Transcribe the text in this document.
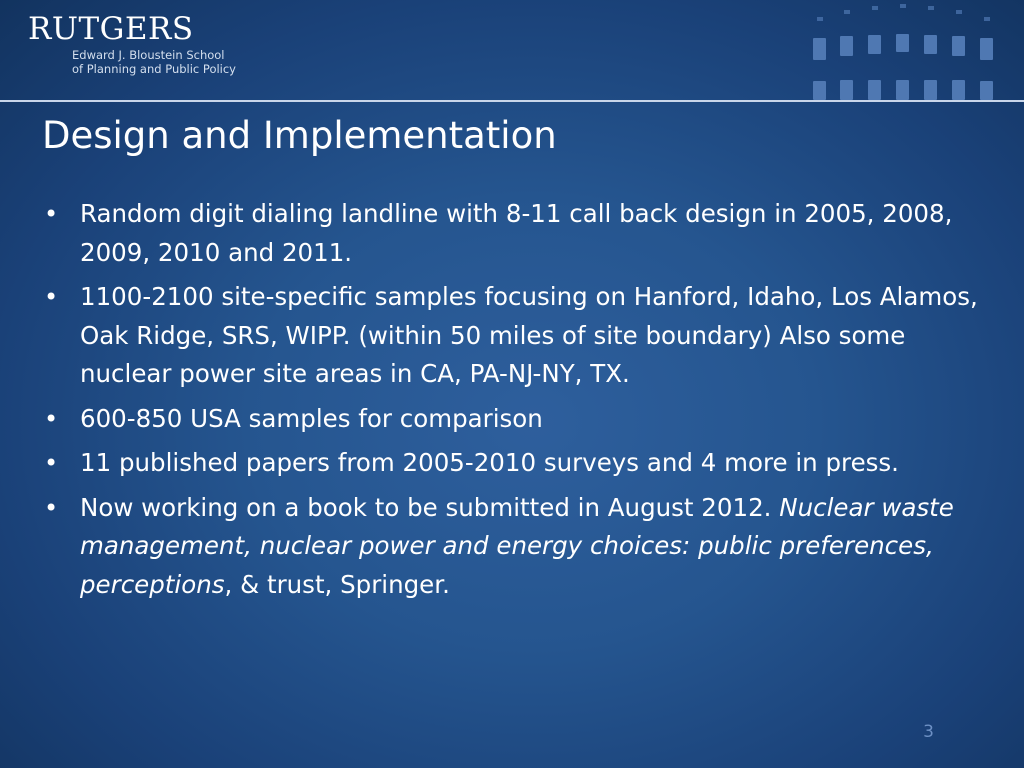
RUTGERS
Edward J. Bloustein School
of Planning and Public Policy
Design and Implementation
• Random digit dialing landline with 8-11 call back design in 2005, 2008, 2009, 2010 and 2011.
• 1100-2100 site-specific samples focusing on Hanford, Idaho, Los Alamos, Oak Ridge, SRS, WIPP. (within 50 miles of site boundary) Also some nuclear power site areas in CA, PA-NJ-NY, TX.
• 600-850 USA samples for comparison
• 11 published papers from 2005-2010 surveys and 4 more in press.
• Now working on a book to be submitted in August 2012. Nuclear waste management, nuclear power and energy choices: public preferences, perceptions, & trust, Springer.
3
